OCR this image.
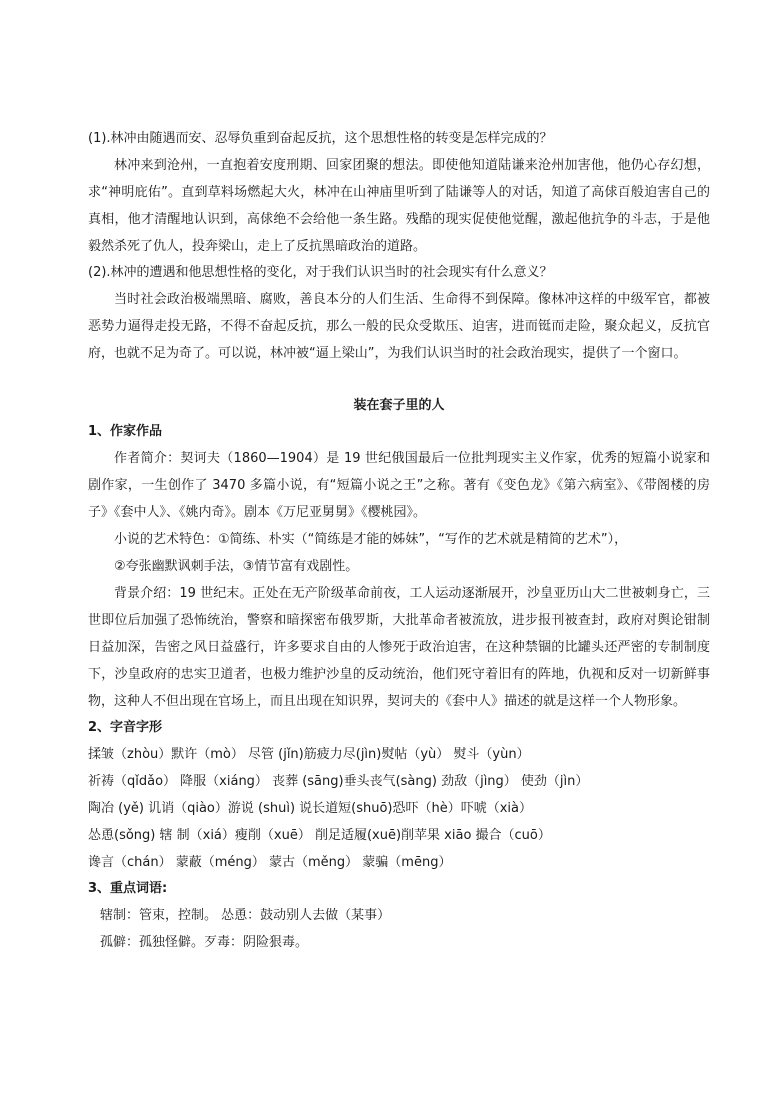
(1).林冲由随遇而安、忍辱负重到奋起反抗，这个思想性格的转变是怎样完成的？

林冲来到沧州，一直抱着安度刑期、回家团聚的想法。即使他知道陆谦来沧州加害他，他仍心存幻想，求“神明庇佑”。直到草料场燃起大火，林冲在山神庙里听到了陆谦等人的对话，知道了高俅百般迫害自己的真相，他才清醒地认识到，高俅绝不会给他一条生路。残酷的现实促使他觉醒，激起他抗争的斗志，于是他毅然杀死了仇人，投奔梁山，走上了反抗黑暗政治的道路。

(2).林冲的遭遇和他思想性格的变化，对于我们认识当时的社会现实有什么意义？

当时社会政治极端黑暗、腐败，善良本分的人们生活、生命得不到保障。像林冲这样的中级军官，都被恶势力逼得走投无路，不得不奋起反抗，那么一般的民众受欺压、迫害，进而铤而走险，聚众起义，反抗官府，也就不足为奇了。可以说，林冲被“逼上梁山”，为我们认识当时的社会政治现实，提供了一个窗口。

装在套子里的人
1、作家作品

作者简介：契诃夫（1860—1904）是 19 世纪俄国最后一位批判现实主义作家，优秀的短篇小说家和剧作家，一生创作了 3470 多篇小说，有“短篇小说之王”之称。著有《变色龙》《第六病室》、《带阁楼的房子》《套中人》、《姚内奇》。剧本《万尼亚舅舅》《樱桃园》。

小说的艺术特色：①简练、朴实（“简练是才能的姊妹”，“写作的艺术就是精简的艺术”），

②夸张幽默讽刺手法，③情节富有戏剧性。

背景介绍：19 世纪末。正处在无产阶级革命前夜，工人运动逐渐展开，沙皇亚历山大二世被刺身亡，三世即位后加强了恐怖统治，警察和暗探密布俄罗斯，大批革命者被流放，进步报刊被查封，政府对舆论钳制日益加深，告密之风日益盛行，许多要求自由的人惨死于政治迫害，在这种禁锢的比罐头还严密的专制制度下，沙皇政府的忠实卫道者，也极力维护沙皇的反动统治，他们死守着旧有的阵地，仇视和反对一切新鲜事物，这种人不但出现在官场上，而且出现在知识界，契诃夫的《套中人》描述的就是这样一个人物形象。

2、字音字形
揉皱（zhòu）默许（mò） 尽管 (jǐn)筋疲力尽(jìn)熨帖（yù） 熨斗（yùn）
祈祷（qǐdǎo） 降服（xiáng） 丧葬 (sāng)垂头丧气(sàng) 劲敌（jìng） 使劲（jìn）
陶冶 (yě) 讥诮（qiào）游说 (shuì) 说长道短(shuō)恐吓（hè）吓唬（xià）
怂恿(sǒng) 辖 制（xiá）瘦削（xuē） 削足适履(xuē)削苹果 xiāo 撮合（cuō）
谗言（chán） 蒙蔽（méng） 蒙古（měng） 蒙骗（mēng）
3、重点词语:
辖制：管束，控制。 怂恿：鼓动别人去做（某事）
孤僻：孤独怪僻。歹毒：阴险狠毒。
